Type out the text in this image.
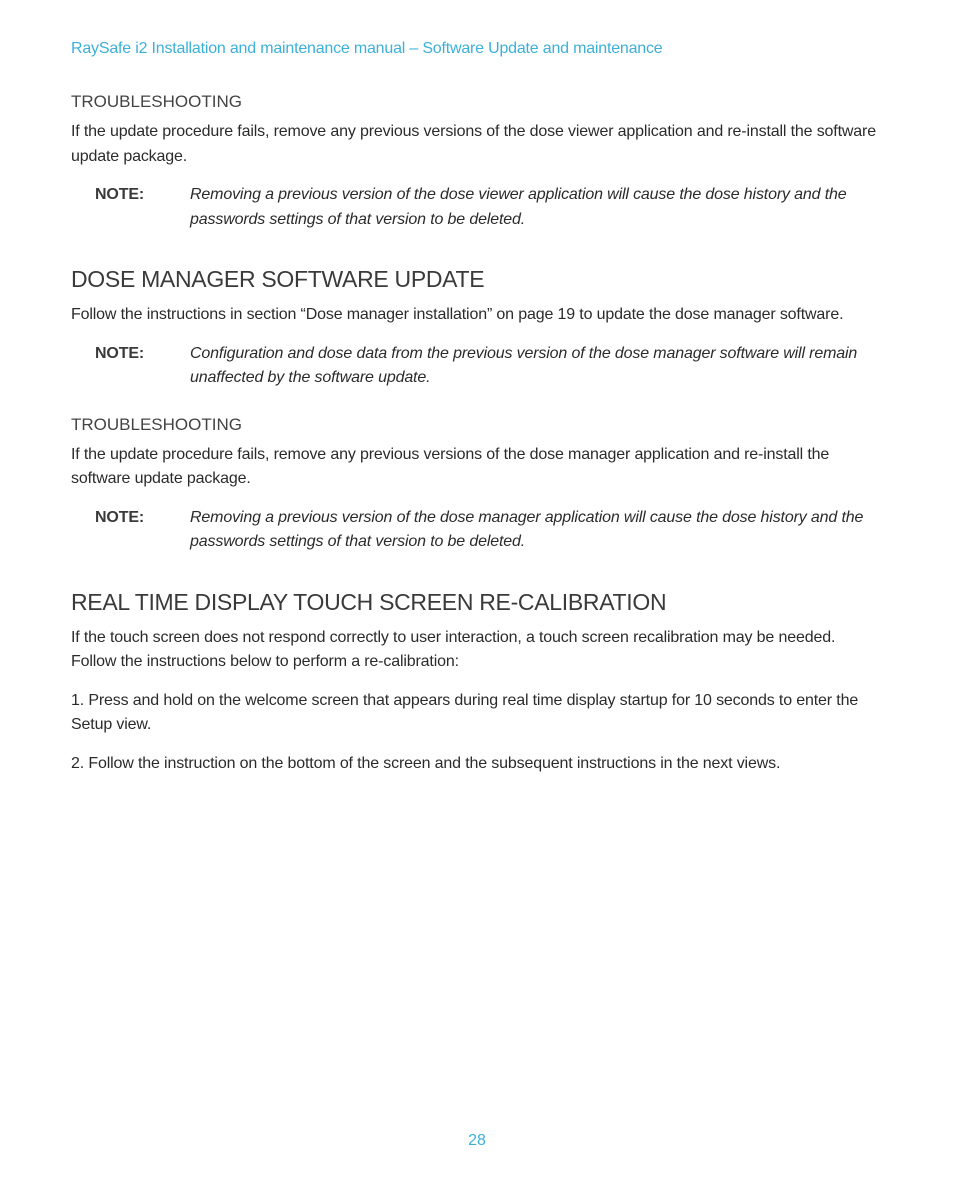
RaySafe i2 Installation and maintenance manual – Software Update and maintenance
TROUBLESHOOTING

If the update procedure fails, remove any previous versions of the dose viewer application and re-install the software update package.

NOTE:	Removing a previous version of the dose viewer application will cause the dose history and the passwords settings of that version to be deleted.
DOSE MANAGER SOFTWARE UPDATE

Follow the instructions in section “Dose manager installation” on page 19 to update the dose manager software.

NOTE:	Configuration and dose data from the previous version of the dose manager software will remain unaffected by the software update.
TROUBLESHOOTING

If the update procedure fails, remove any previous versions of the dose manager application and re-install the software update package.

NOTE:	Removing a previous version of the dose manager application will cause the dose history and the passwords settings of that version to be deleted.
REAL TIME DISPLAY TOUCH SCREEN RE-CALIBRATION

If the touch screen does not respond correctly to user interaction, a touch screen recalibration may be needed. Follow the instructions below to perform a re-calibration:

1. Press and hold on the welcome screen that appears during real time display startup for 10 seconds to enter the Setup view.

2. Follow the instruction on the bottom of the screen and the subsequent instructions in the next views.

28
